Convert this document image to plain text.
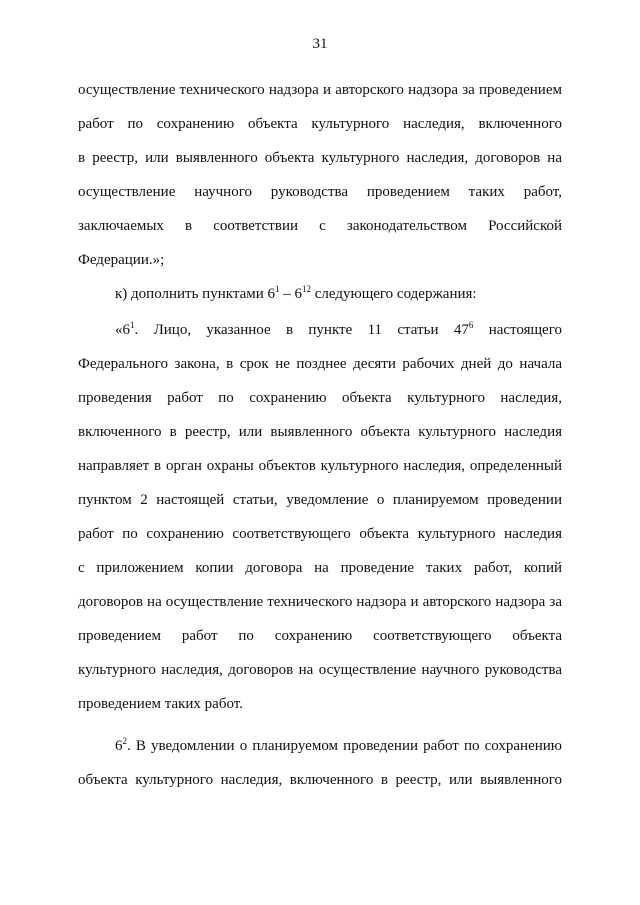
31
осуществление технического надзора и авторского надзора за проведением
работ по сохранению объекта культурного наследия, включенного
в реестр, или выявленного объекта культурного наследия, договоров на
осуществление научного руководства проведением таких работ,
заключаемых в соответствии с законодательством Российской
Федерации.»;
к) дополнить пунктами $6^1 - 6^{12}$ следующего содержания:
«$6^1$. Лицо, указанное в пункте 11 статьи $47^6$ настоящего
Федерального закона, в срок не позднее десяти рабочих дней до начала
проведения работ по сохранению объекта культурного наследия,
включенного в реестр, или выявленного объекта культурного наследия
направляет в орган охраны объектов культурного наследия, определенный
пунктом 2 настоящей статьи, уведомление о планируемом проведении
работ по сохранению соответствующего объекта культурного наследия
с приложением копии договора на проведение таких работ, копий
договоров на осуществление технического надзора и авторского надзора за
проведением работ по сохранению соответствующего объекта
культурного наследия, договоров на осуществление научного руководства
проведением таких работ.
$6^2$. В уведомлении о планируемом проведении работ по сохранению
объекта культурного наследия, включенного в реестр, или выявленного
